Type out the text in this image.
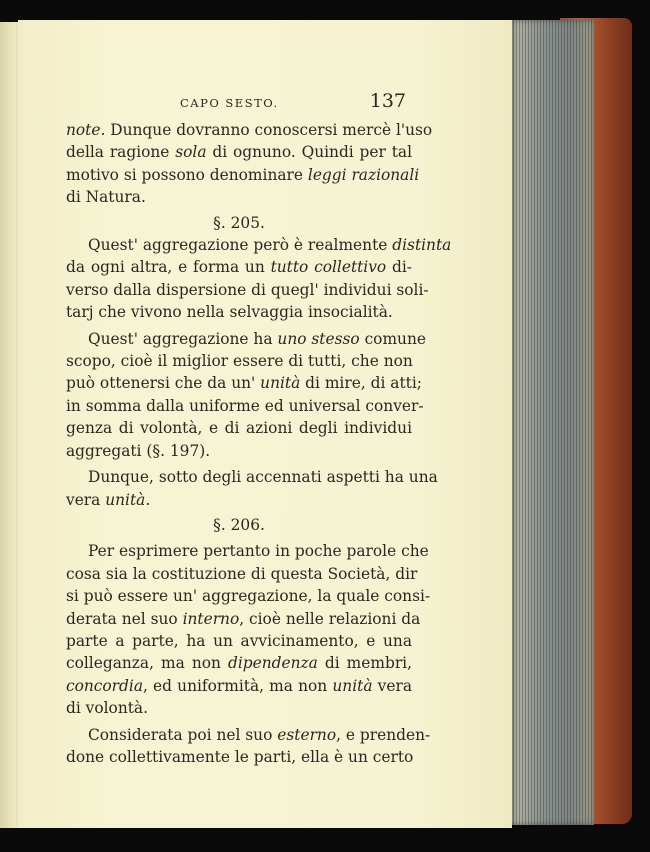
CAPO SESTO.	137
note. Dunque dovranno conoscersi mercè l'uso
della ragione sola di ognuno. Quindi per tal
motivo si possono denominare leggi razionali
di Natura.
§. 205.
Quest' aggregazione però è realmente distinta
da ogni altra, e forma un tutto collettivo di-
verso dalla dispersione di quegl' individui soli-
tarj che vivono nella selvaggia insocialità.
Quest' aggregazione ha uno stesso comune
scopo, cioè il miglior essere di tutti, che non
può ottenersi che da un' unità di mire, di atti;
in somma dalla uniforme ed universal conver-
genza di volontà, e di azioni degli individui
aggregati (§. 197).
Dunque, sotto degli accennati aspetti ha una
vera unità.
§. 206.
Per esprimere pertanto in poche parole che
cosa sia la costituzione di questa Società, dir
si può essere un' aggregazione, la quale consi-
derata nel suo interno, cioè nelle relazioni da
parte a parte, ha un avvicinamento, e una
colleganza, ma non dipendenza di membri,
concordia, ed uniformità, ma non unità vera
di volontà.
Considerata poi nel suo esterno, e prenden-
done collettivamente le parti, ella è un certo
